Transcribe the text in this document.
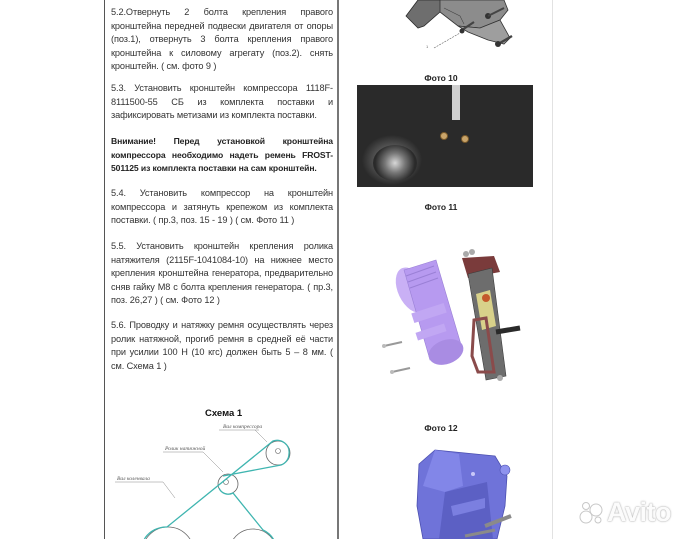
5.2.Отвернуть 2 болта крепления правого кронштейна передней подвески двигателя от опоры (поз.1), отвернуть 3 болта крепления правого кронштейна к силовому агрегату (поз.2). снять кронштейн. ( см. фото 9 )

5.3. Установить кронштейн компрессора 1118F-8111500-55 СБ из комплекта поставки и зафиксировать метизами из комплекта поставки.

Внимание! Перед установкой кронштейна компрессора необходимо надеть ремень FROST-501125 из комплекта поставки на сам кронштейн.

5.4. Установить компрессор на кронштейн компрессора и затянуть крепежом из комплекта поставки. ( пр.3, поз. 15 - 19 ) ( см. Фото 11 )

5.5. Установить кронштейн крепления ролика натяжителя (2115F-1041084-10) на нижнее место крепления кронштейна генератора, предварительно сняв гайку М8 с болта крепления генератора. ( пр.3, поз. 26,27 ) ( см. Фото 12 )

5.6. Проводку и натяжку ремня осуществлять через ролик натяжной, прогиб ремня в средней её части при усилии 100 Н (10 кгс) должен быть 5 – 8 мм. ( см. Схема 1 )

Схема 1
Вал компрессора
Ролик натяжной
Вал коленвала
1
Фото 10
Фото 11
Фото 12
Avito
